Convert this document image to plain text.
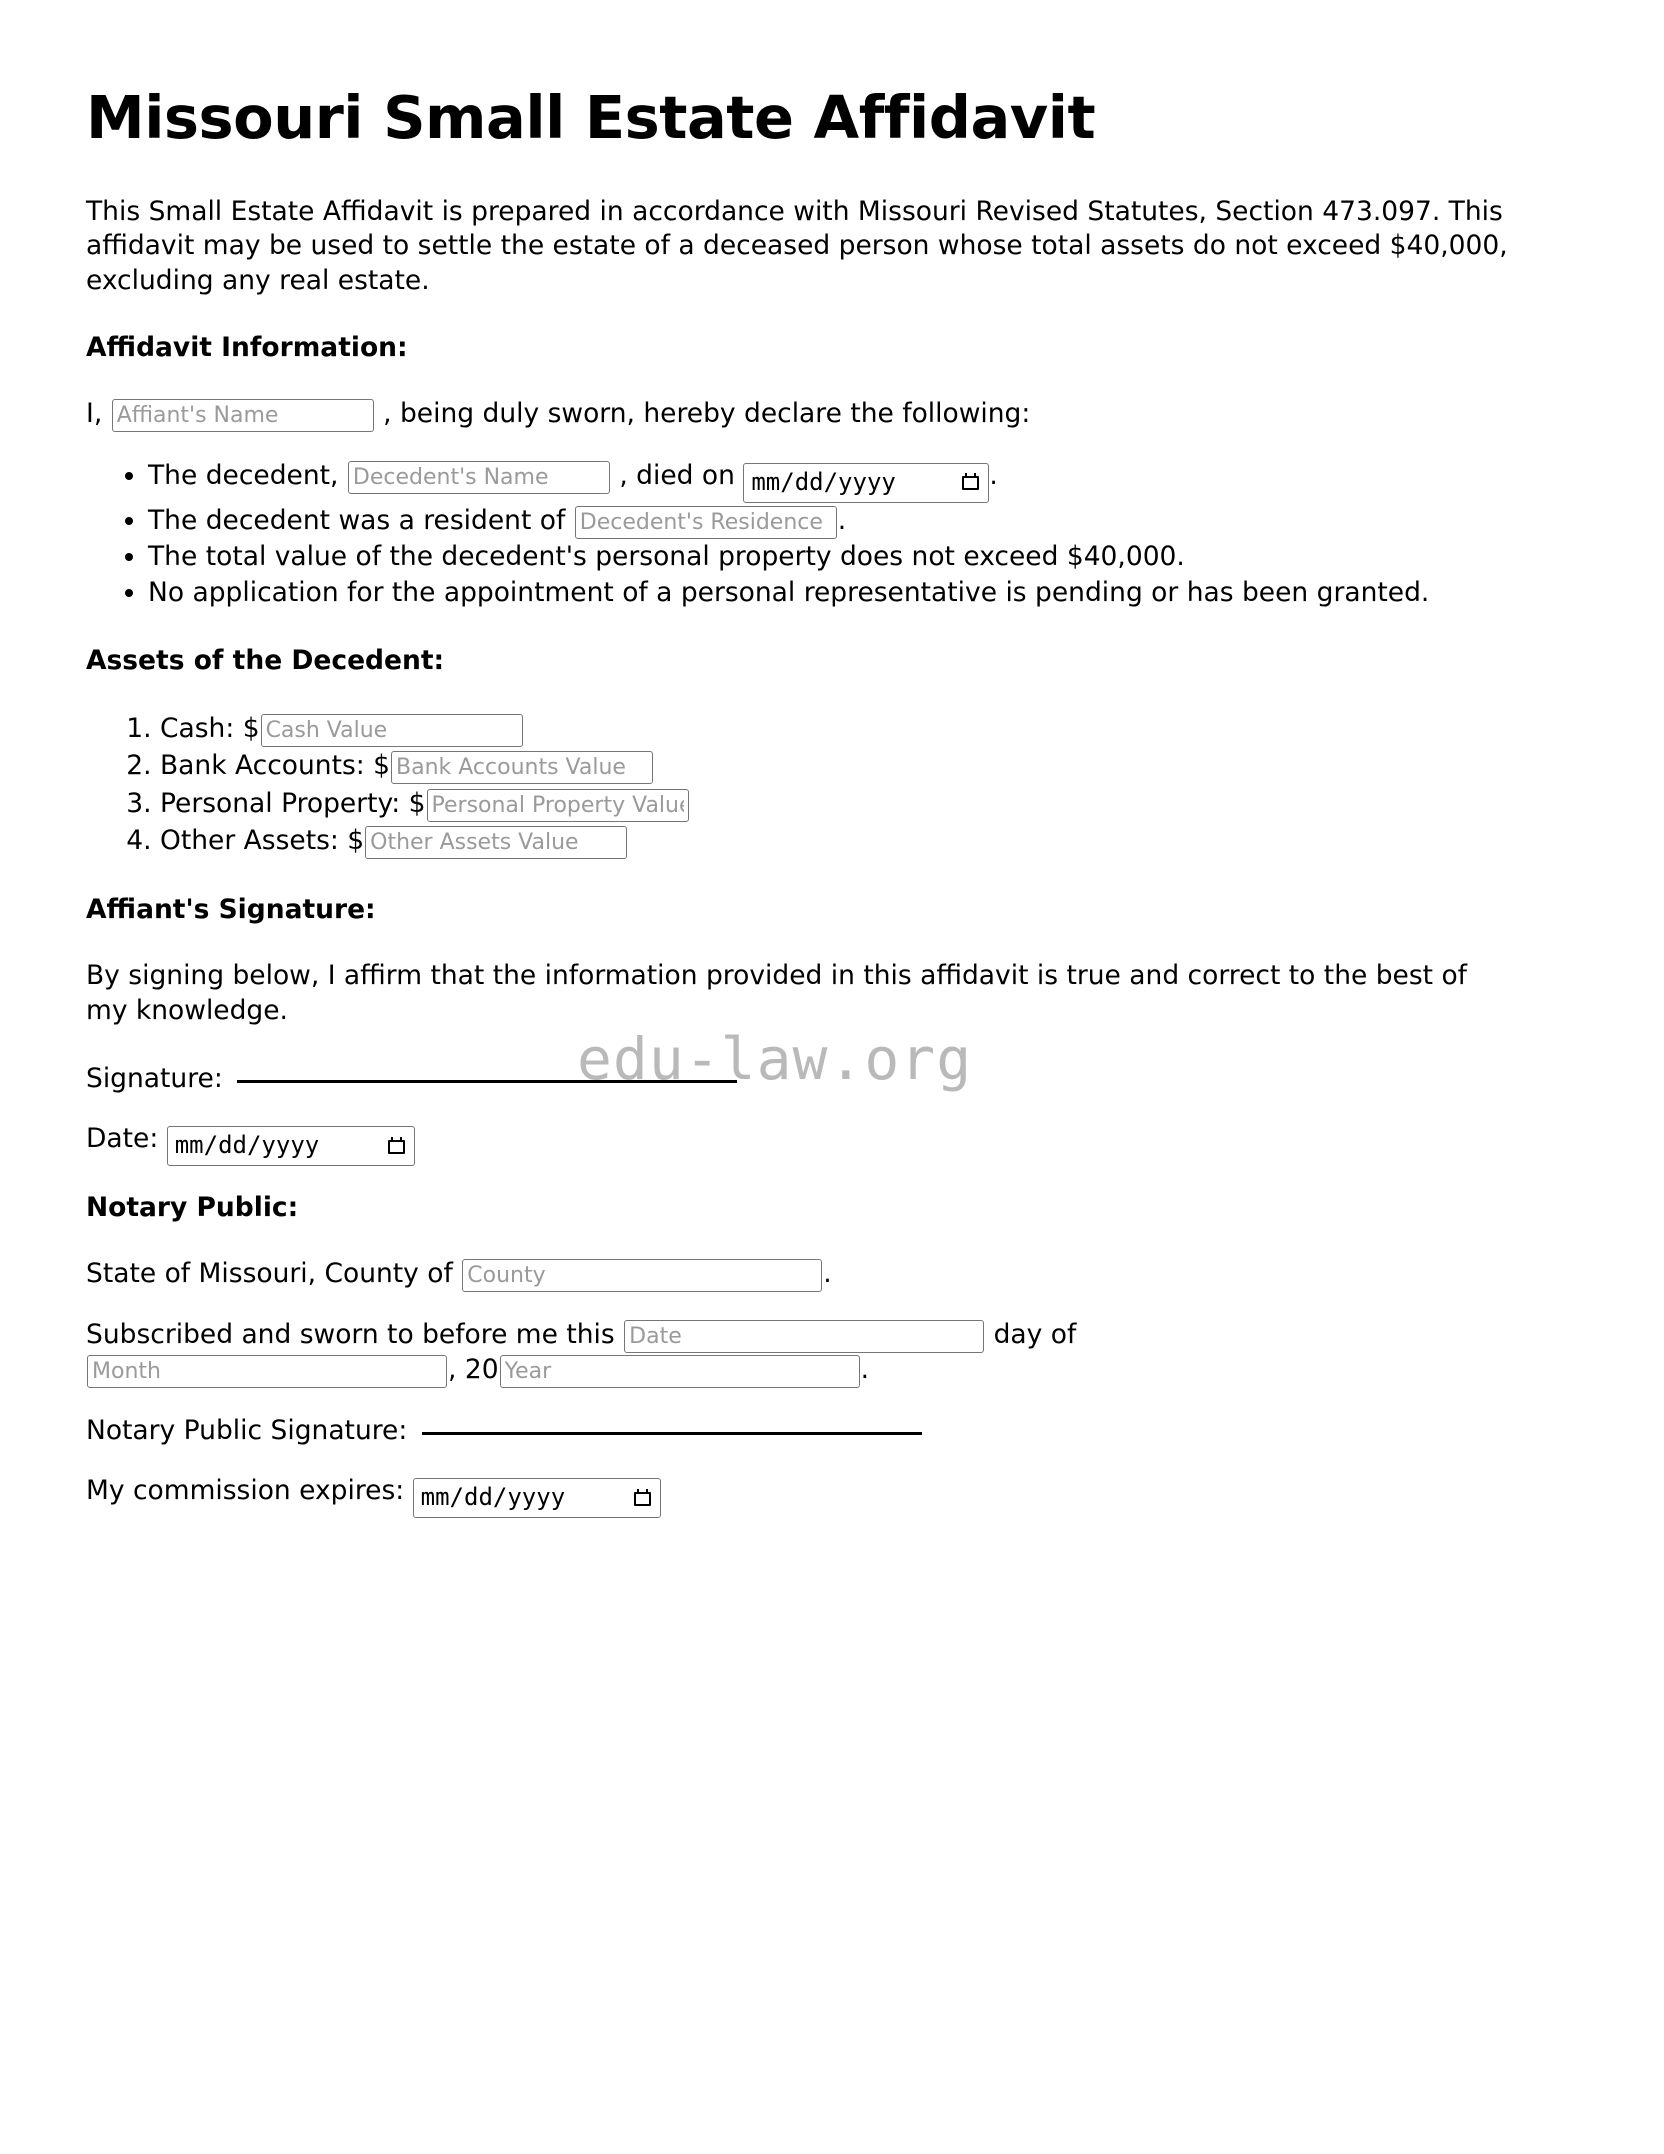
Missouri Small Estate Affidavit

This Small Estate Affidavit is prepared in accordance with Missouri Revised Statutes, Section 473.097. This affidavit may be used to settle the estate of a deceased person whose total assets do not exceed $40,000, excluding any real estate.

Affidavit Information:
I, Affiant's Name	, being duly sworn, hereby declare the following:
• The decedent, Decedent's Name	, died on mm/dd/yyyy	.
• The decedent was a resident of Decedent's Residence	.
• The total value of the decedent's personal property does not exceed $40,000.
• No application for the appointment of a personal representative is pending or has been granted.
Assets of the Decedent:
1. Cash: $Cash Value
2. Bank Accounts: $Bank Accounts Value
3. Personal Property: $Personal Property Value
4. Other Assets: $Other Assets Value
Affiant's Signature:

By signing below, I affirm that the information provided in this affidavit is true and correct to the best of my knowledge.

Signature:
Date: mm/dd/yyyy
Notary Public:
State of Missouri, County of County	.
Subscribed and sworn to before me this Date	day of
Month, 20Year	.
Notary Public Signature:
My commission expires: mm/dd/yyyy
edu-law.org
